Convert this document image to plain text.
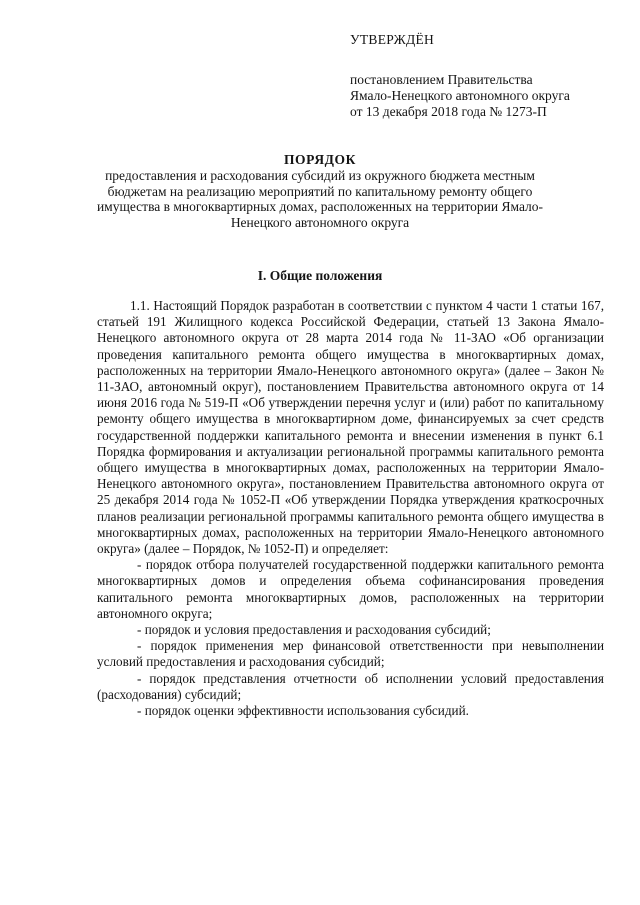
УТВЕРЖДЁН
постановлением Правительства
Ямало-Ненецкого автономного округа
от 13 декабря 2018 года № 1273-П
ПОРЯДОК
предоставления и расходования субсидий из окружного бюджета местным бюджетам на реализацию мероприятий по капитальному ремонту общего имущества в многоквартирных домах, расположенных на территории Ямало-Ненецкого автономного округа
I. Общие положения

1.1. Настоящий Порядок разработан в соответствии с пунктом 4 части 1 статьи 167, статьей 191 Жилищного кодекса Российской Федерации, статьей 13 Закона Ямало-Ненецкого автономного округа от 28 марта 2014 года № 11-ЗАО «Об организации проведения капитального ремонта общего имущества в многоквартирных домах, расположенных на территории Ямало-Ненецкого автономного округа» (далее – Закон № 11-ЗАО, автономный округ), постановлением Правительства автономного округа от 14 июня 2016 года № 519-П «Об утверждении перечня услуг и (или) работ по капитальному ремонту общего имущества в многоквартирном доме, финансируемых за счет средств государственной поддержки капитального ремонта и внесении изменения в пункт 6.1 Порядка формирования и актуализации региональной программы капитального ремонта общего имущества в многоквартирных домах, расположенных на территории Ямало-Ненецкого автономного округа», постановлением Правительства автономного округа от 25 декабря 2014 года № 1052-П «Об утверждении Порядка утверждения краткосрочных планов реализации региональной программы капитального ремонта общего имущества в многоквартирных домах, расположенных на территории Ямало-Ненецкого автономного округа» (далее – Порядок, № 1052-П) и определяет:

- порядок отбора получателей государственной поддержки капитального ремонта многоквартирных домов и определения объема софинансирования проведения капитального ремонта многоквартирных домов, расположенных на территории автономного округа;

- порядок и условия предоставления и расходования субсидий;

- порядок применения мер финансовой ответственности при невыполнении условий предоставления и расходования субсидий;

- порядок представления отчетности об исполнении условий предоставления (расходования) субсидий;

- порядок оценки эффективности использования субсидий.
